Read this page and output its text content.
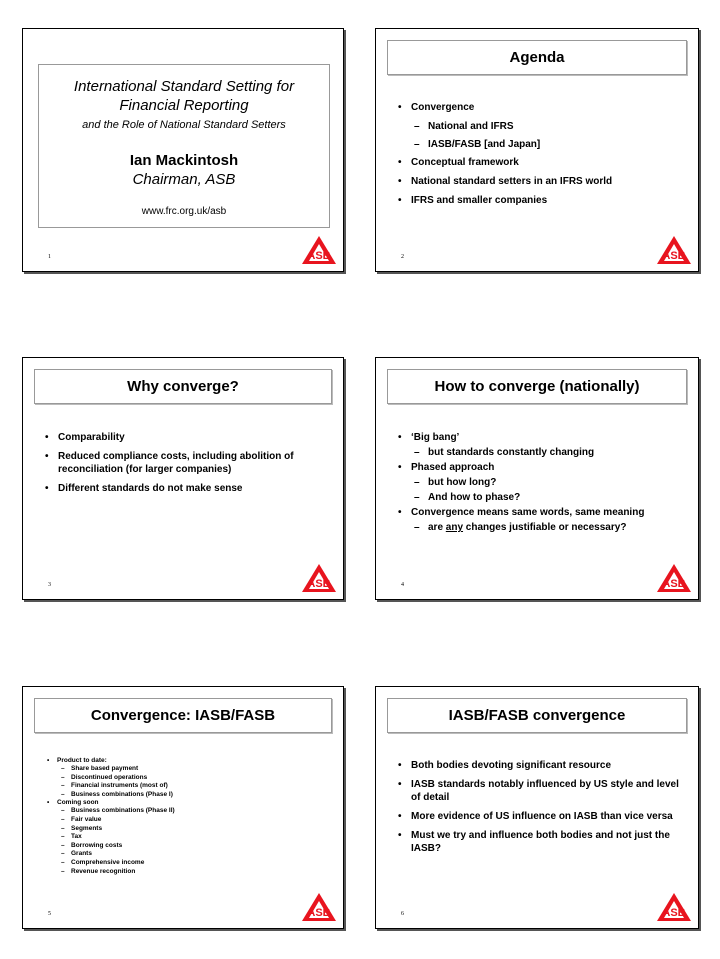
International Standard Setting for
Financial Reporting
and the Role of National Standard Setters
Ian Mackintosh
Chairman, ASB
www.frc.org.uk/asb
1
Agenda
• Convergence
– National and IFRS
– IASB/FASB [and Japan]
• Conceptual framework
• National standard setters in an IFRS world
• IFRS and smaller companies
2
Why converge?
• Comparability
• Reduced compliance costs, including abolition of reconciliation (for larger companies)
• Different standards do not make sense
3
How to converge (nationally)
• ‘Big bang’
– but standards constantly changing
• Phased approach
– but how long?
– And how to phase?
• Convergence means same words, same meaning
– are any changes justifiable or necessary?
4
Convergence: IASB/FASB
•	Product to date:
– Share based payment
– Discontinued operations
– Financial instruments (most of)
– Business combinations (Phase I)
•	Coming soon
– Business combinations (Phase II)
– Fair value
– Segments
– Tax
– Borrowing costs
– Grants
– Comprehensive income
– Revenue recognition
5
IASB/FASB convergence
• Both bodies devoting significant resource
• IASB standards notably influenced by US style and level of detail
• More evidence of US influence on IASB than vice versa
• Must we try and influence both bodies and not just the IASB?
6
